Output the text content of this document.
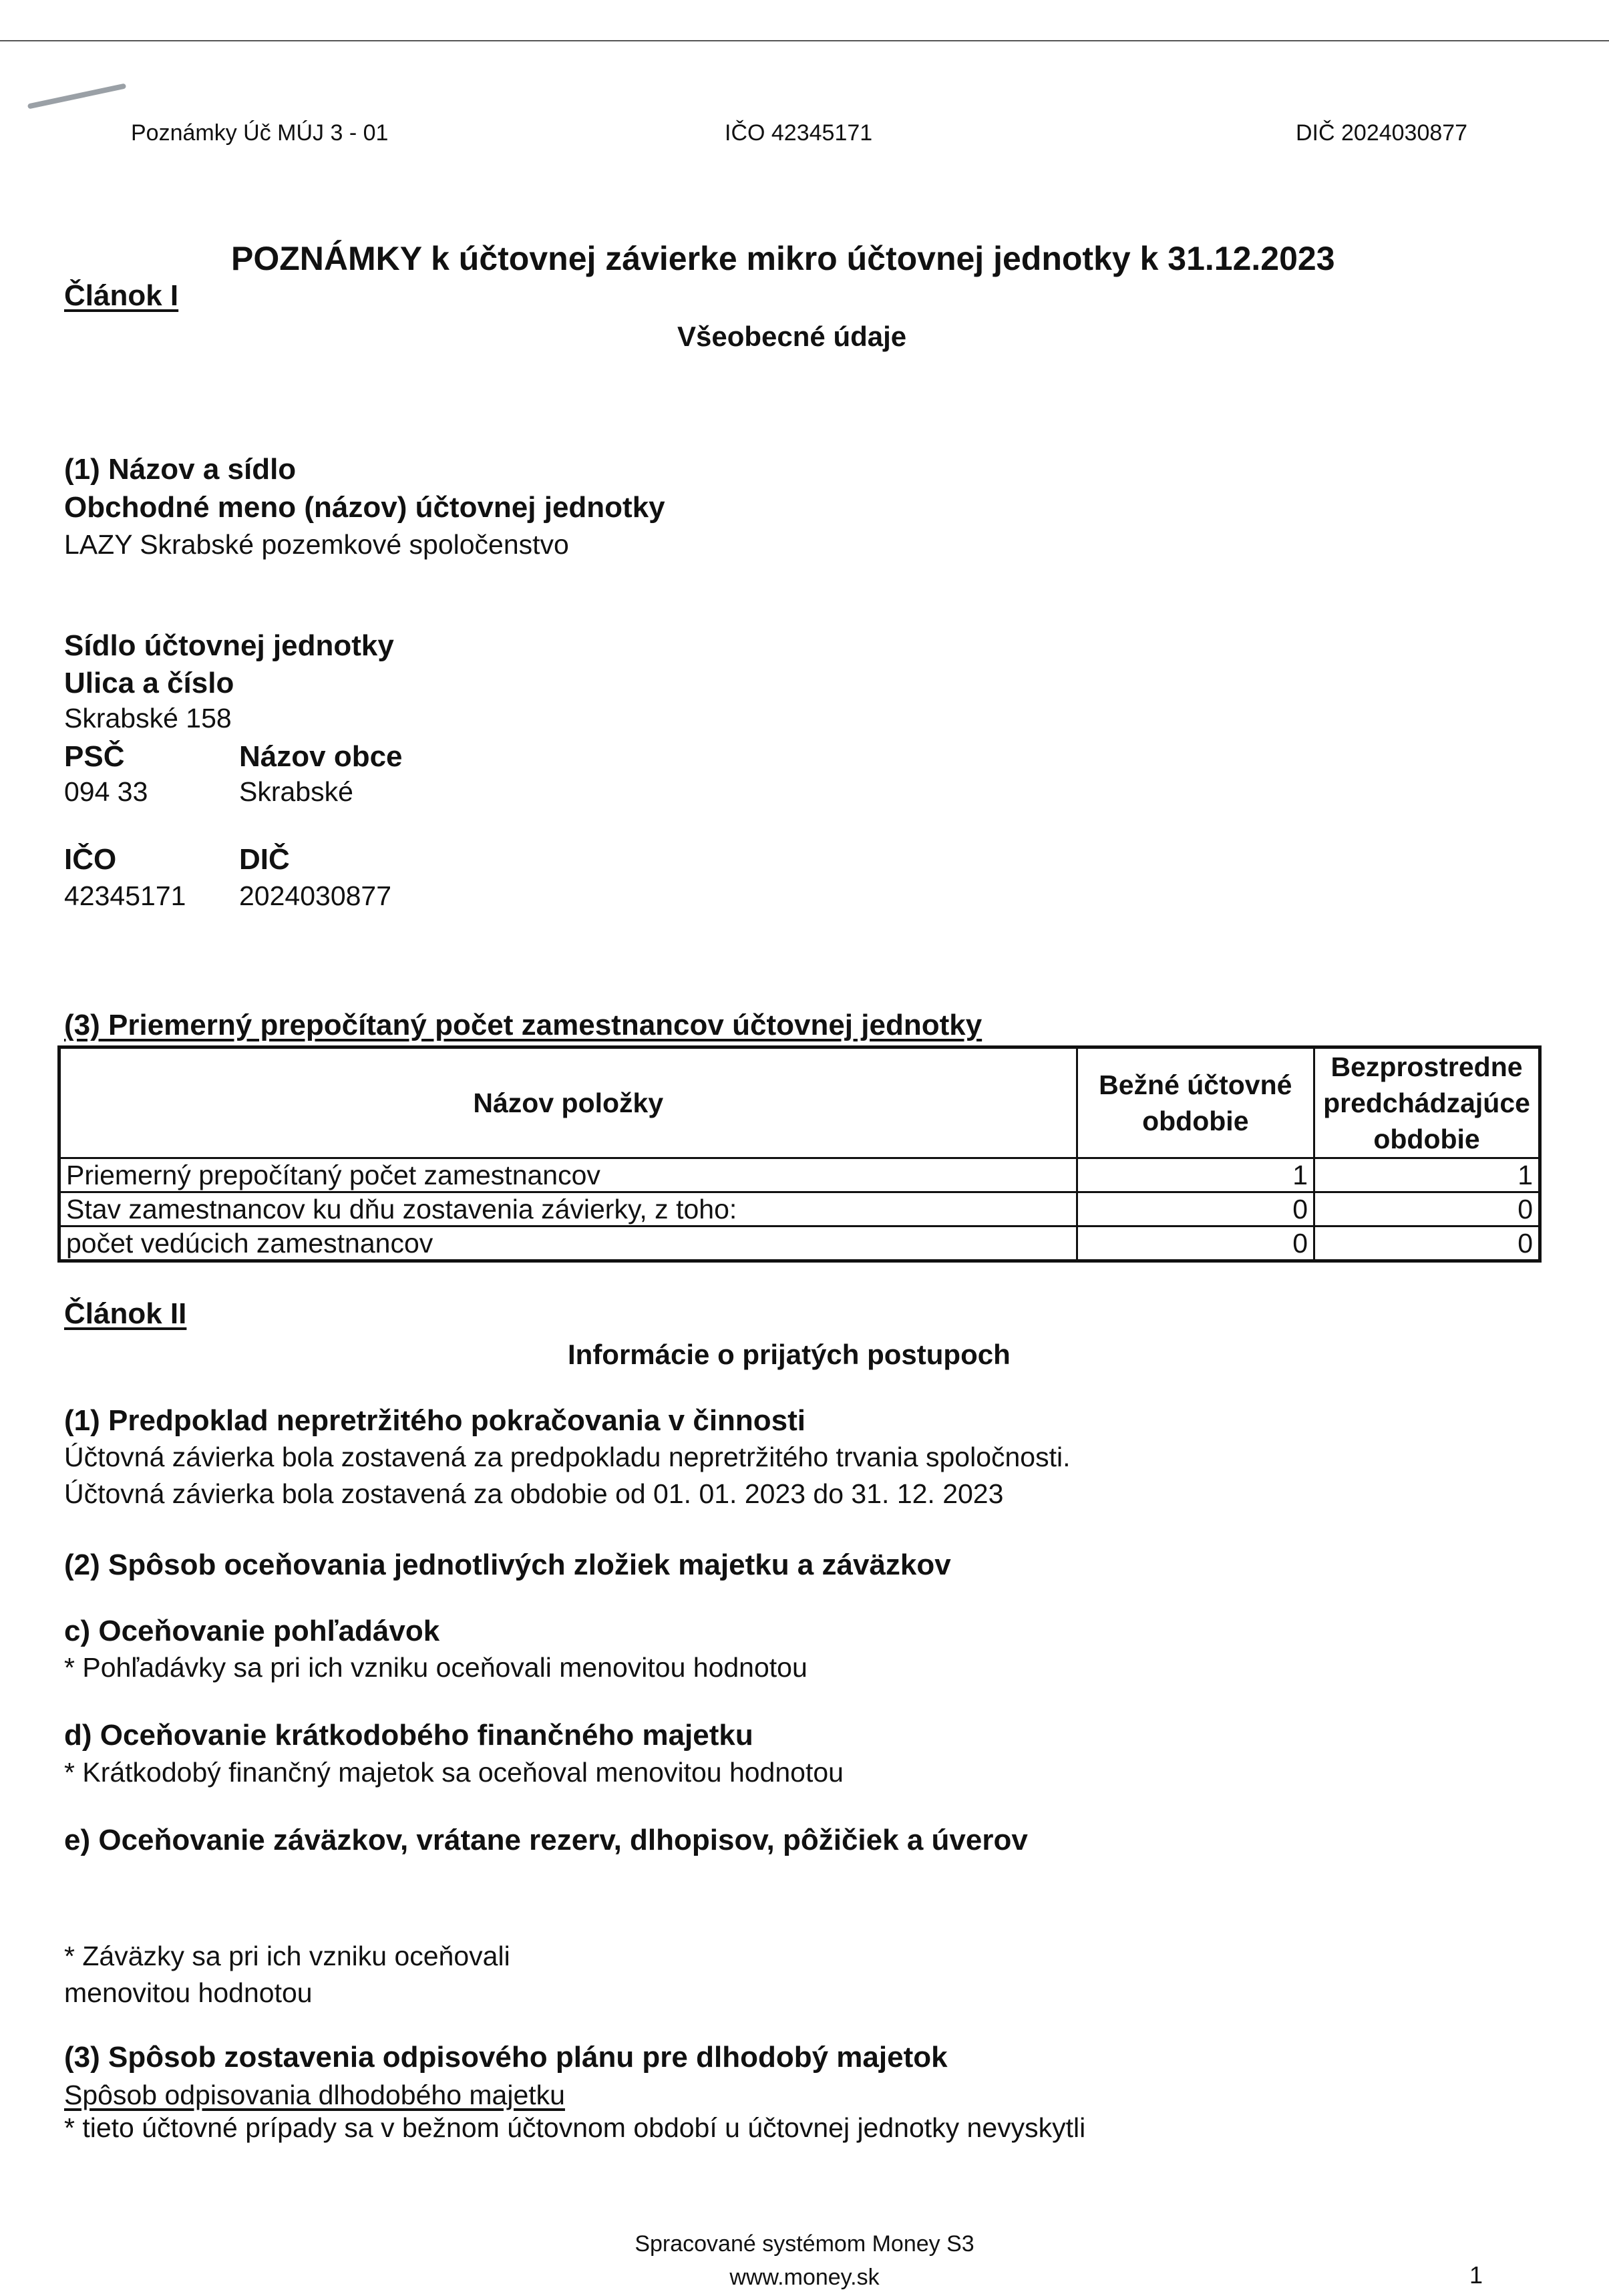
Poznámky Úč MÚJ 3 - 01	IČO 42345171	DIČ 2024030877
POZNÁMKY k účtovnej závierke mikro účtovnej jednotky k 31.12.2023
Článok I
Všeobecné údaje
(1) Názov a sídlo
Obchodné meno (názov) účtovnej jednotky
LAZY Skrabské pozemkové spoločenstvo
Sídlo účtovnej jednotky
Ulica a číslo
Skrabské 158
PSČ	Názov obce
094 33	Skrabské
IČO	DIČ
42345171 2024030877
(3) Priemerný prepočítaný počet zamestnancov účtovnej jednotky
Názov položky	Bežné účtovné obdobie	Bezprostredne predchádzajúce obdobie
Priemerný prepočítaný počet zamestnancov	1	1
Stav zamestnancov ku dňu zostavenia závierky, z toho:	0	0
počet vedúcich zamestnancov	0	0
Článok II
Informácie o prijatých postupoch
(1) Predpoklad nepretržitého pokračovania v činnosti
Účtovná závierka bola zostavená za predpokladu nepretržitého trvania spoločnosti.
Účtovná závierka bola zostavená za obdobie od 01. 01. 2023 do 31. 12. 2023
(2) Spôsob oceňovania jednotlivých zložiek majetku a záväzkov
c) Oceňovanie pohľadávok
* Pohľadávky sa pri ich vzniku oceňovali menovitou hodnotou
d) Oceňovanie krátkodobého finančného majetku
* Krátkodobý finančný majetok sa oceňoval menovitou hodnotou
e) Oceňovanie záväzkov, vrátane rezerv, dlhopisov, pôžičiek a úverov
* Záväzky sa pri ich vzniku oceňovali
menovitou hodnotou
(3) Spôsob zostavenia odpisového plánu pre dlhodobý majetok
Spôsob odpisovania dlhodobého majetku
* tieto účtovné prípady sa v bežnom účtovnom období u účtovnej jednotky nevyskytli
Spracované systémom Money S3
www.money.sk	1
